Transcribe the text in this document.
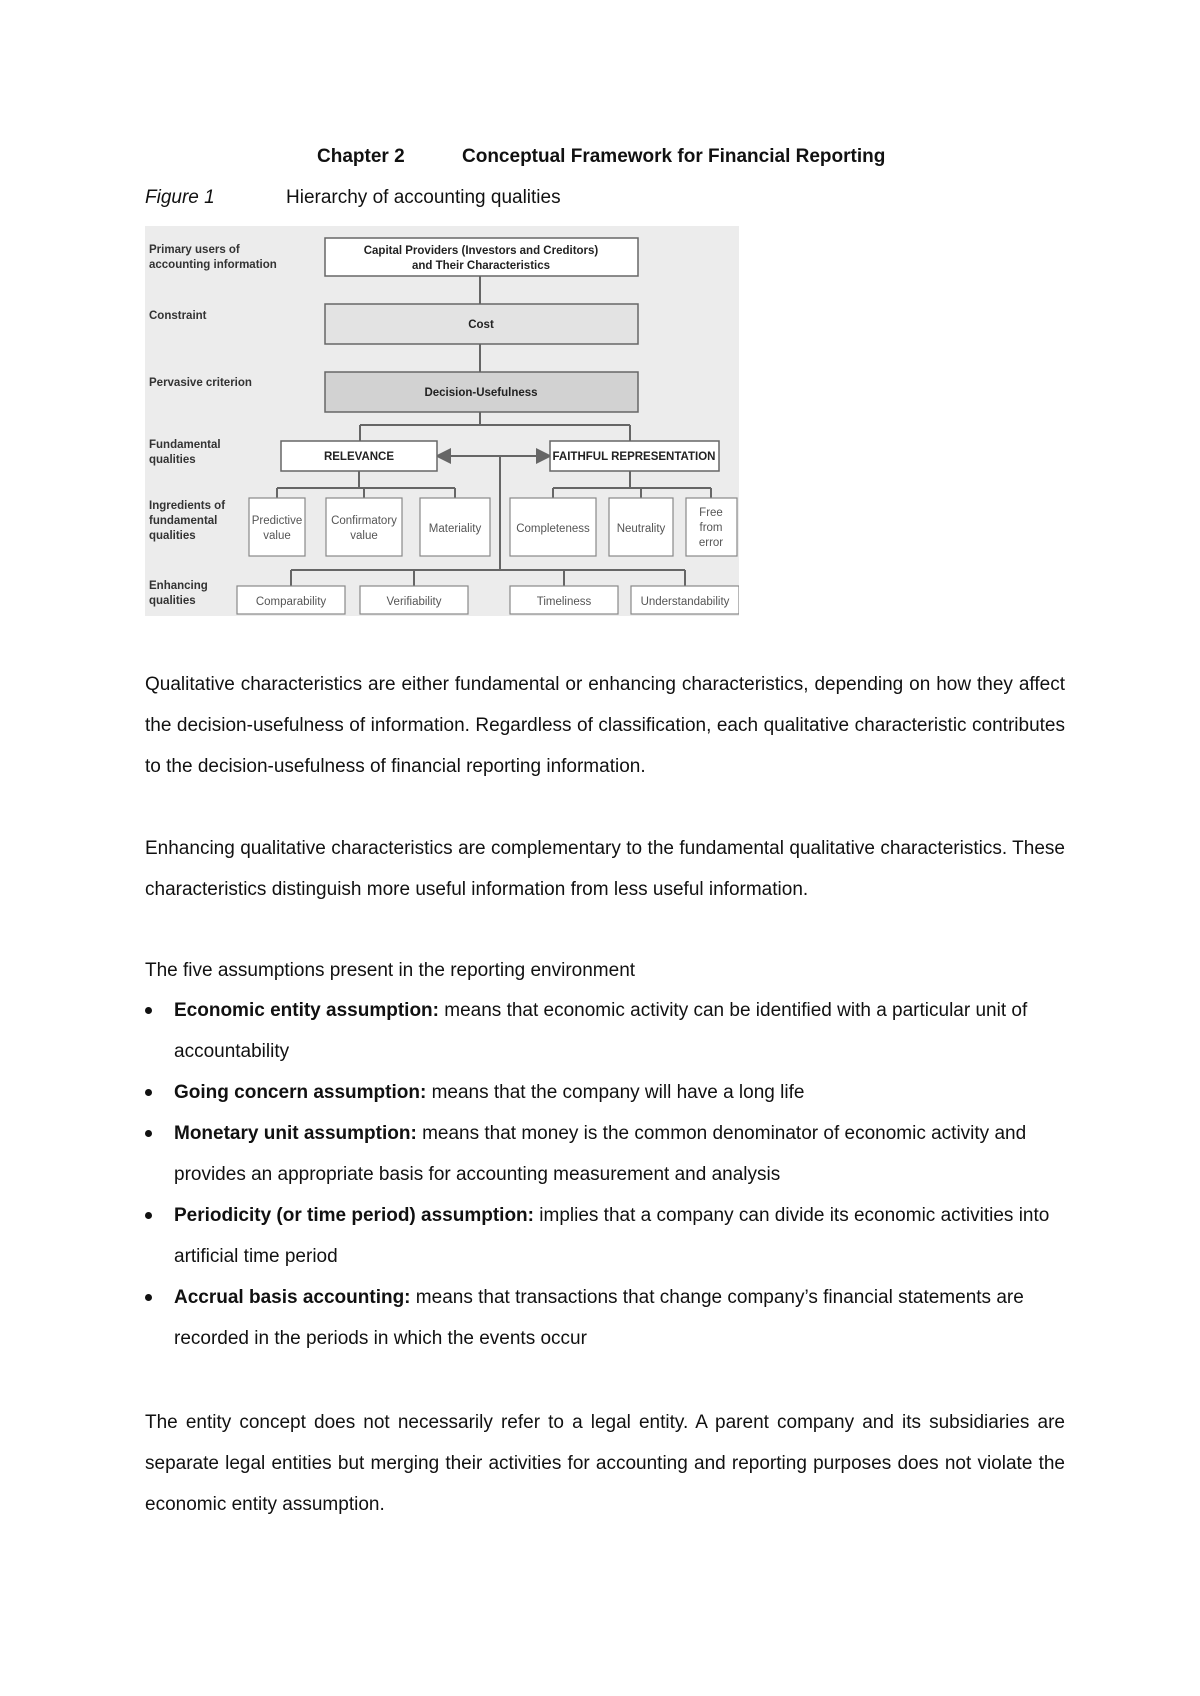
Chapter 2	Conceptual Framework for Financial Reporting
Figure 1	Hierarchy of accounting qualities
Primary users of
accounting information
Constraint
Pervasive criterion
Fundamental
qualities
Ingredients of
fundamental
qualities
Enhancing
qualities
Capital Providers (Investors and Creditors)
and Their Characteristics
Cost
Decision-Usefulness
RELEVANCE	FAITHFUL REPRESENTATION
Predictive
value
Confirmatory
value
Materiality	Completeness Neutrality
Free
from
error
Comparability	Verifiability	Timeliness	Understandability

Qualitative characteristics are either fundamental or enhancing characteristics, depending on how they affect the decision-usefulness of information. Regardless of classification, each qualitative characteristic contributes to the decision-usefulness of financial reporting information.

Enhancing qualitative characteristics are complementary to the fundamental qualitative characteristics. These characteristics distinguish more useful information from less useful information.

The five assumptions present in the reporting environment

Economic entity assumption: means that economic activity can be identified with a particular unit of accountability
Going concern assumption: means that the company will have a long life
Monetary unit assumption: means that money is the common denominator of economic activity and provides an appropriate basis for accounting measurement and analysis
Periodicity (or time period) assumption: implies that a company can divide its economic activities into artificial time period
Accrual basis accounting: means that transactions that change company’s financial statements are recorded in the periods in which the events occur

The entity concept does not necessarily refer to a legal entity. A parent company and its subsidiaries are separate legal entities but merging their activities for accounting and reporting purposes does not violate the economic entity assumption.
